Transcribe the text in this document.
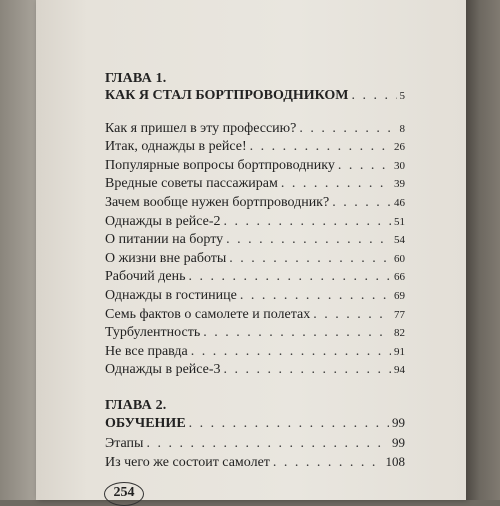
ГЛАВА 1.
КАК Я СТАЛ БОРТПРОВОДНИКОМ . . .	5
Как я пришел в эту профессию? . . .	8
Итак, однажды в рейсе! . . .	26
Популярные вопросы бортпроводнику . . .	30
Вредные советы пассажирам . . .	39
Зачем вообще нужен бортпроводник? . . .	46
Однажды в рейсе-2 . . .	51
О питании на борту . . .	54
О жизни вне работы . . .	60
Рабочий день . . .	66
Однажды в гостинице . . .	69
Семь фактов о самолете и полетах . . .	77
Турбулентность . . .	82
Не все правда . . .	91
Однажды в рейсе-3 . . .	94
ГЛАВА 2.
ОБУЧЕНИЕ . . .	99
Этапы . . .	99
Из чего же состоит самолет . . .	108
254
